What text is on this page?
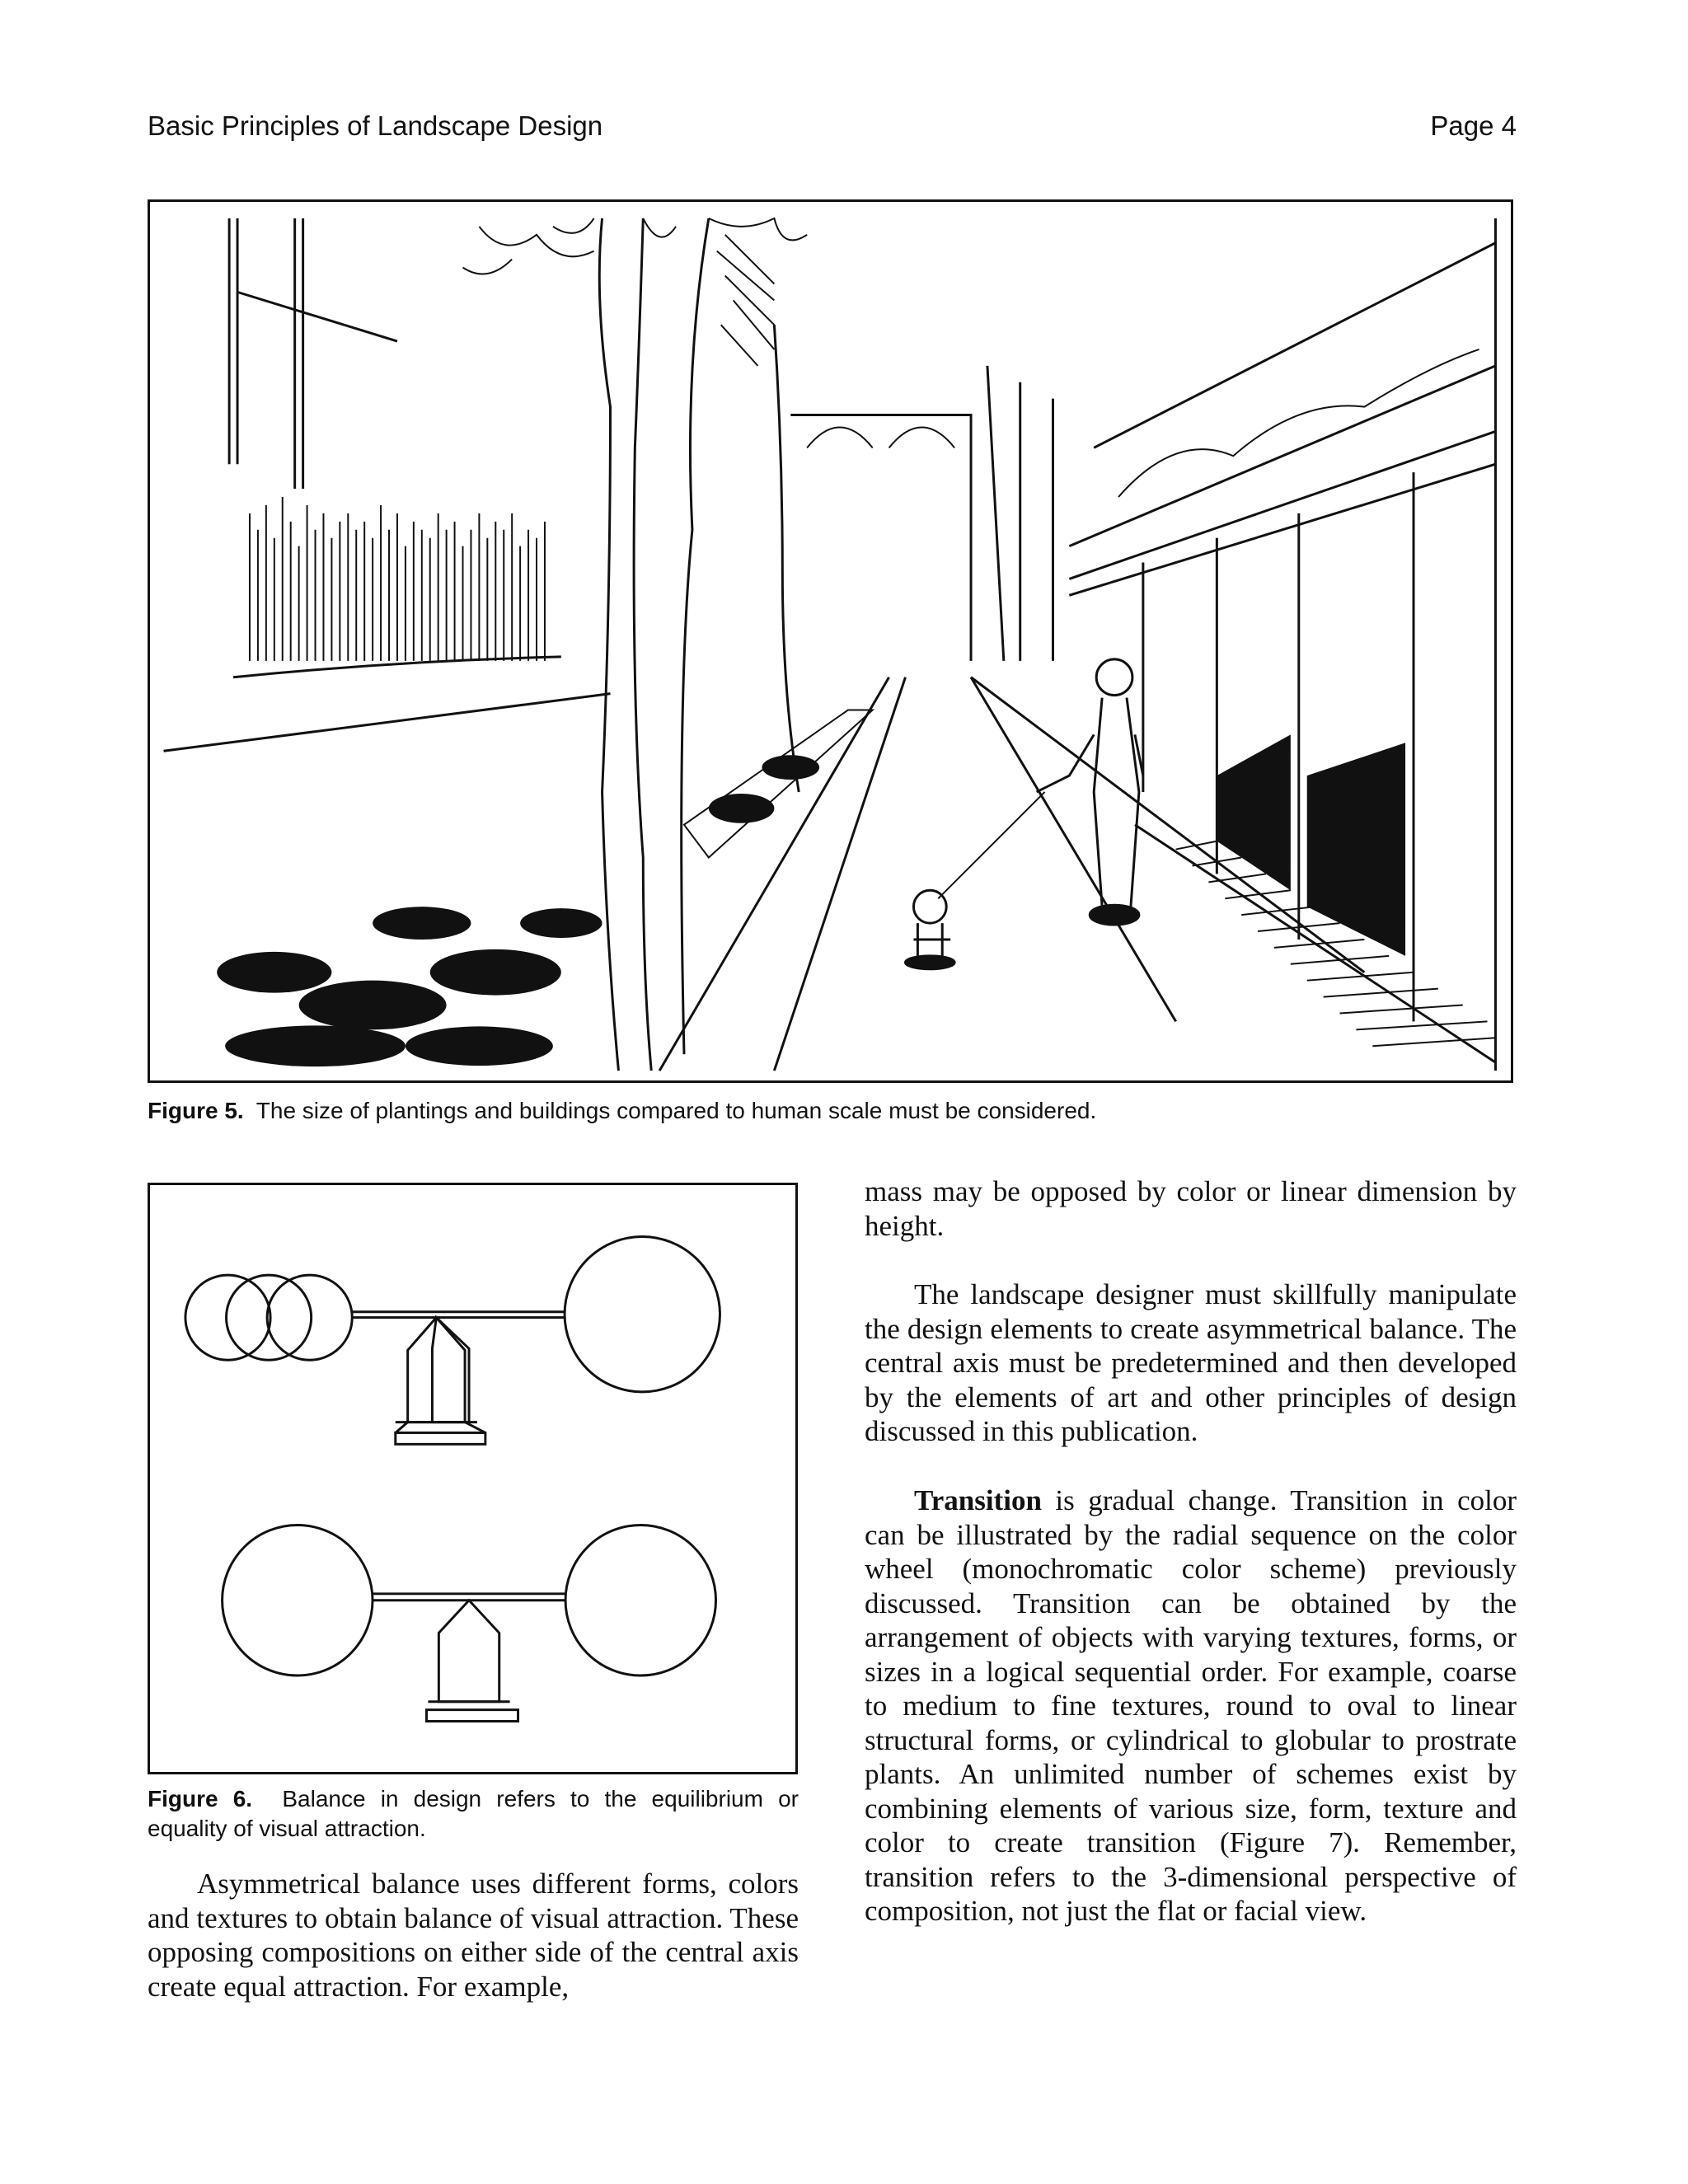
Basic Principles of Landscape Design	Page 4
Figure 5. The size of plantings and buildings compared to human scale must be considered.
Figure 6. Balance in design refers to the equilibrium or equality of visual attraction.

Asymmetrical balance uses different forms, colors and textures to obtain balance of visual attraction. These opposing compositions on either side of the central axis create equal attraction. For example,

mass may be opposed by color or linear dimension by height.

The landscape designer must skillfully manipulate the design elements to create asymmetrical balance. The central axis must be predetermined and then developed by the elements of art and other principles of design discussed in this publication.

Transition is gradual change. Transition in color can be illustrated by the radial sequence on the color wheel (monochromatic color scheme) previously discussed. Transition can be obtained by the arrangement of objects with varying textures, forms, or sizes in a logical sequential order. For example, coarse to medium to fine textures, round to oval to linear structural forms, or cylindrical to globular to prostrate plants. An unlimited number of schemes exist by combining elements of various size, form, texture and color to create transition (Figure 7). Remember, transition refers to the 3-dimensional perspective of composition, not just the flat or facial view.
